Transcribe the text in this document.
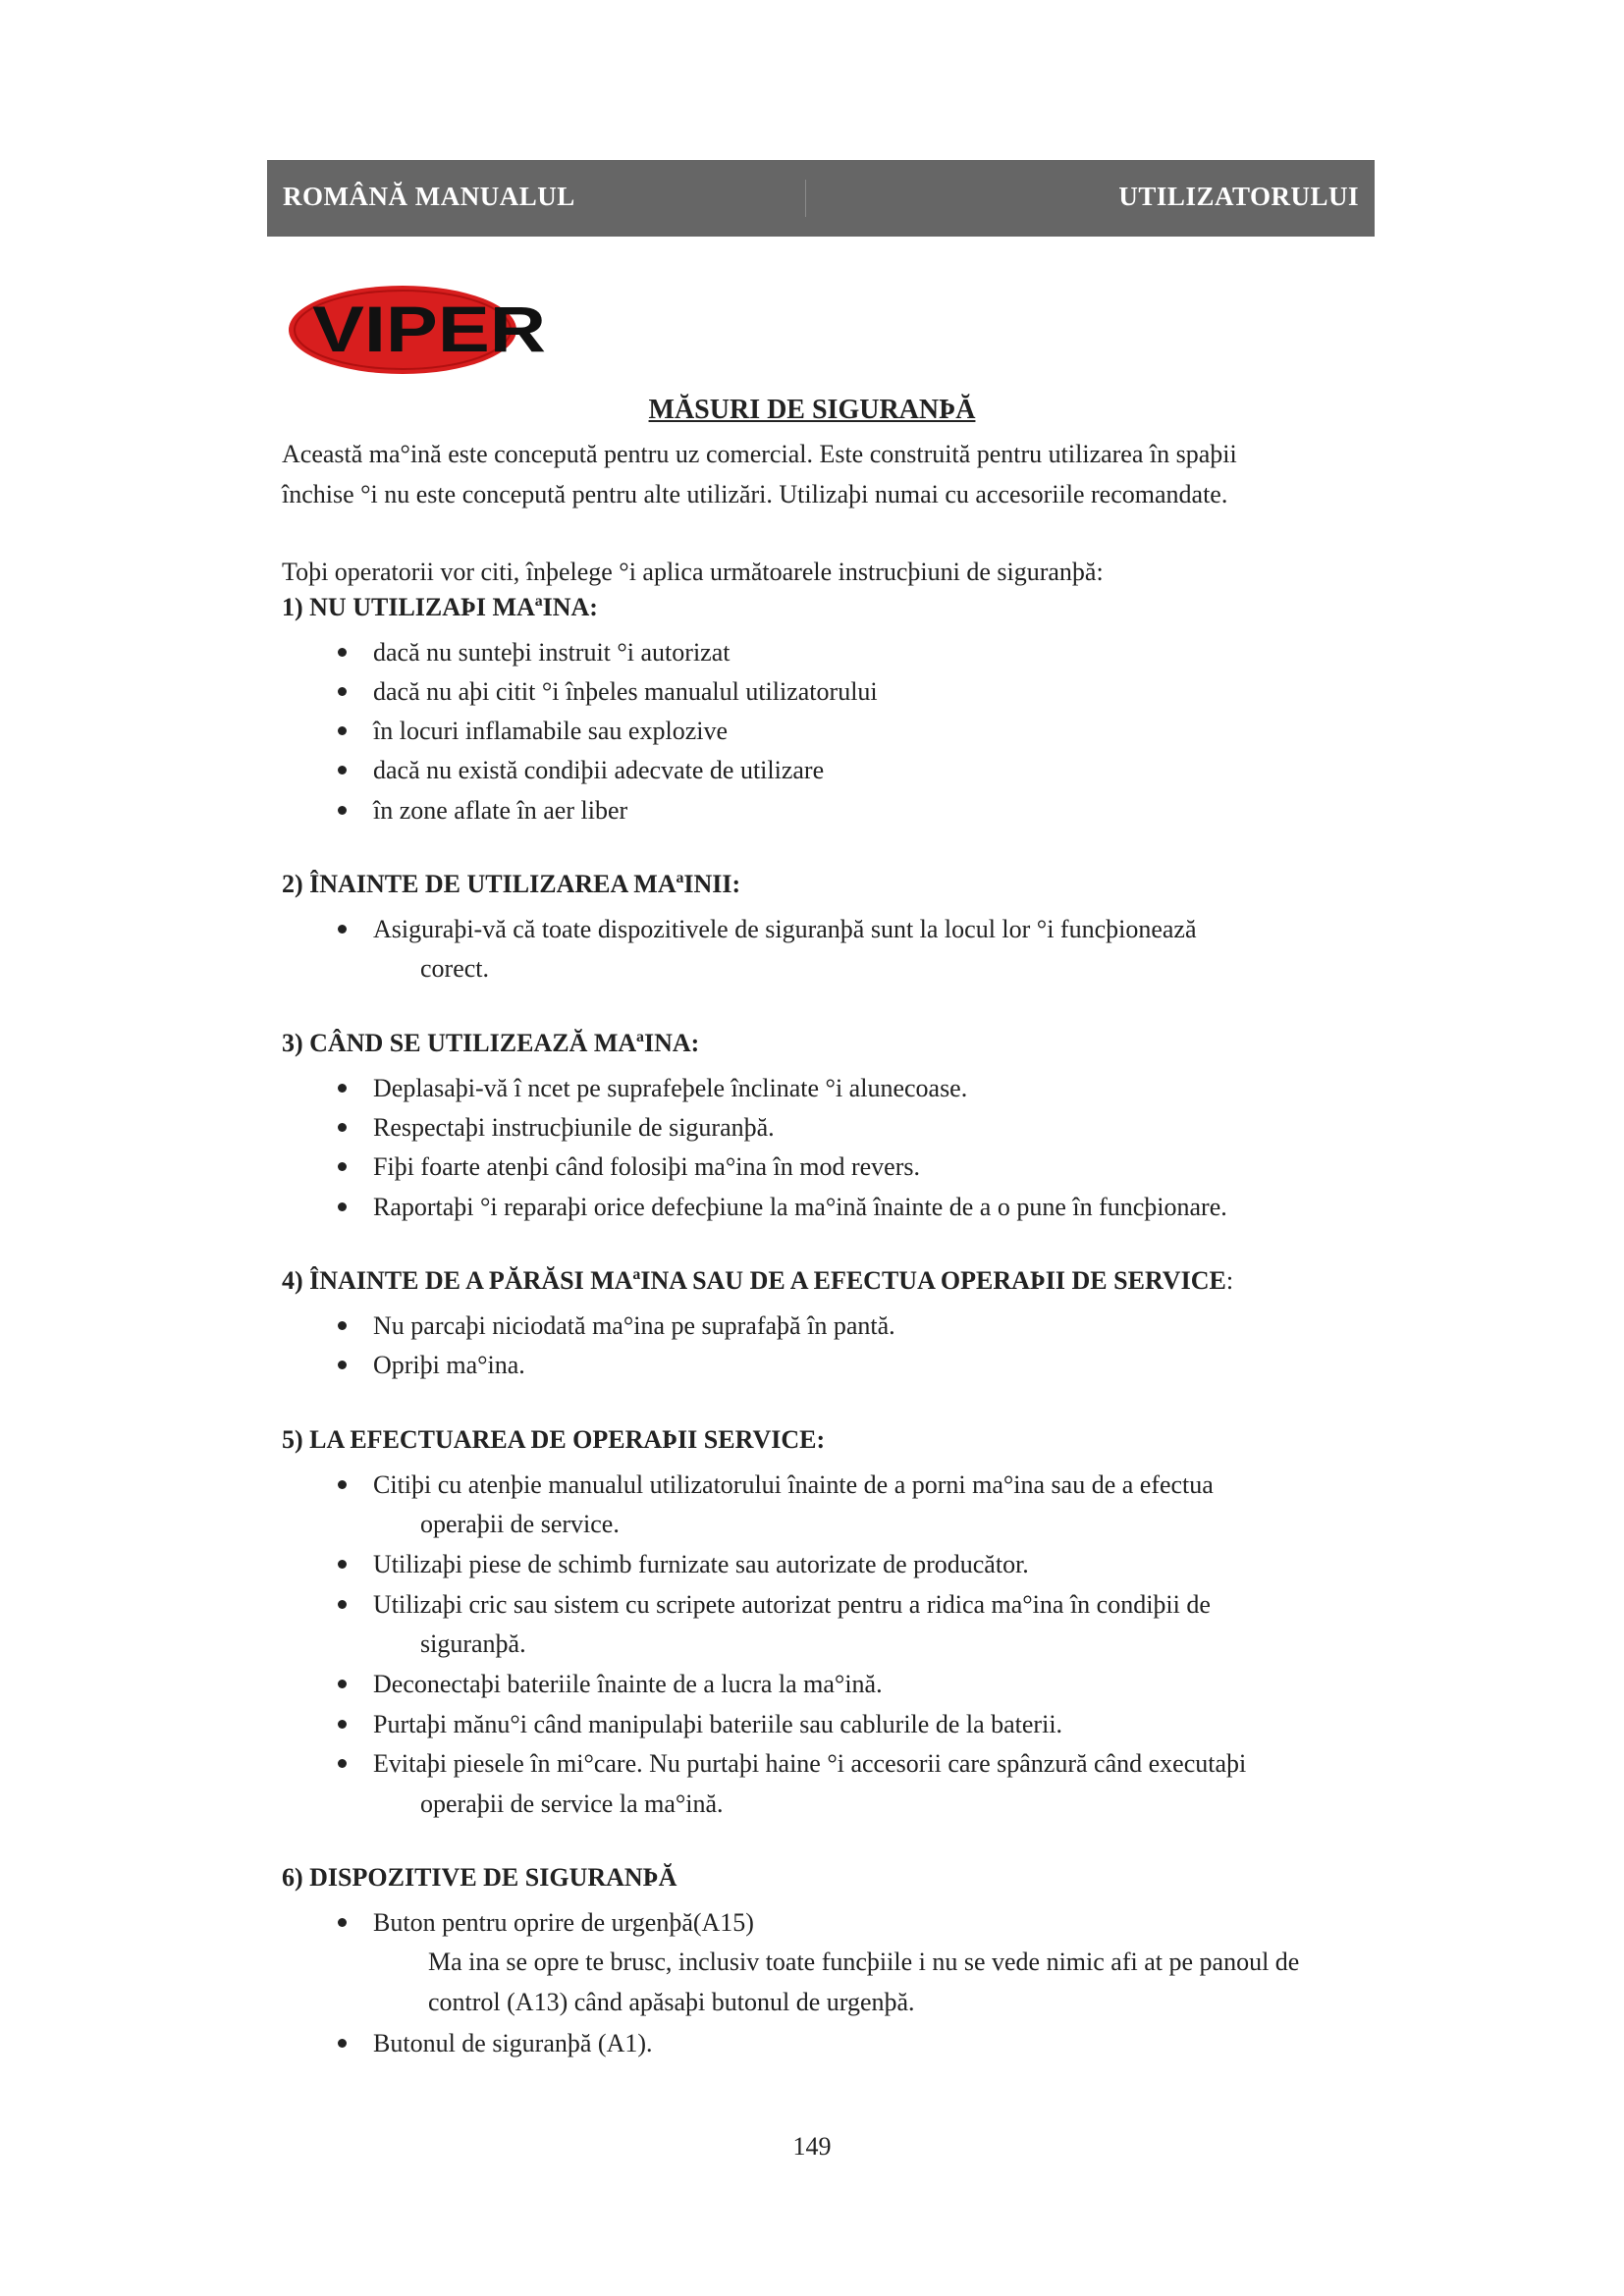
ROMÂNĂ MANUALUL	UTILIZATORULUI
VIPER
MĂSURI DE SIGURANÞĂ

Această ma°ină este concepută pentru uz comercial. Este construită pentru utilizarea în spaþii

închise °i nu este concepută pentru alte utilizări. Utilizaþi numai cu accesoriile recomandate.

Toþi operatorii vor citi, înþelege °i aplica următoarele instrucþiuni de siguranþă:
1) NU UTILIZAÞI MAªINA:
dacă nu sunteþi instruit °i autorizat
dacă nu aþi citit °i înþeles manualul utilizatorului
în locuri inflamabile sau explozive
dacă nu există condiþii adecvate de utilizare
în zone aflate în aer liber
2) ÎNAINTE DE UTILIZAREA MAªINII:
Asiguraþi-vă că toate dispozitivele de siguranþă sunt la locul lor °i funcþionează
corect.
3) CÂND SE UTILIZEAZĂ MAªINA:
Deplasaþi-vă î ncet pe suprafeþele înclinate °i alunecoase.
Respectaþi instrucþiunile de siguranþă.
Fiþi foarte atenþi când folosiþi ma°ina în mod revers.
Raportaþi °i reparaþi orice defecþiune la ma°ină înainte de a o pune în funcþionare.
4) ÎNAINTE DE A PĂRĂSI MAªINA SAU DE A EFECTUA OPERAÞII DE SERVICE:
Nu parcaþi niciodată ma°ina pe suprafaþă în pantă.
Opriþi ma°ina.
5) LA EFECTUAREA DE OPERAÞII SERVICE:
Citiþi cu atenþie manualul utilizatorului înainte de a porni ma°ina sau de a efectua
operaþii de service.
Utilizaþi piese de schimb furnizate sau autorizate de producător.
Utilizaþi cric sau sistem cu scripete autorizat pentru a ridica ma°ina în condiþii de
siguranþă.
Deconectaþi bateriile înainte de a lucra la ma°ină.
Purtaþi mănu°i când manipulaþi bateriile sau cablurile de la baterii.
Evitaþi piesele în mi°care. Nu purtaþi haine °i accesorii care spânzură când executaþi
operaþii de service la ma°ină.
6) DISPOZITIVE DE SIGURANÞĂ
Buton pentru oprire de urgenþă(A15)
Ma ina se opre te brusc, inclusiv toate funcþiile i nu se vede nimic afi at pe panoul de
control (A13) când apăsaþi butonul de urgenþă.
Butonul de siguranþă (A1).
149
